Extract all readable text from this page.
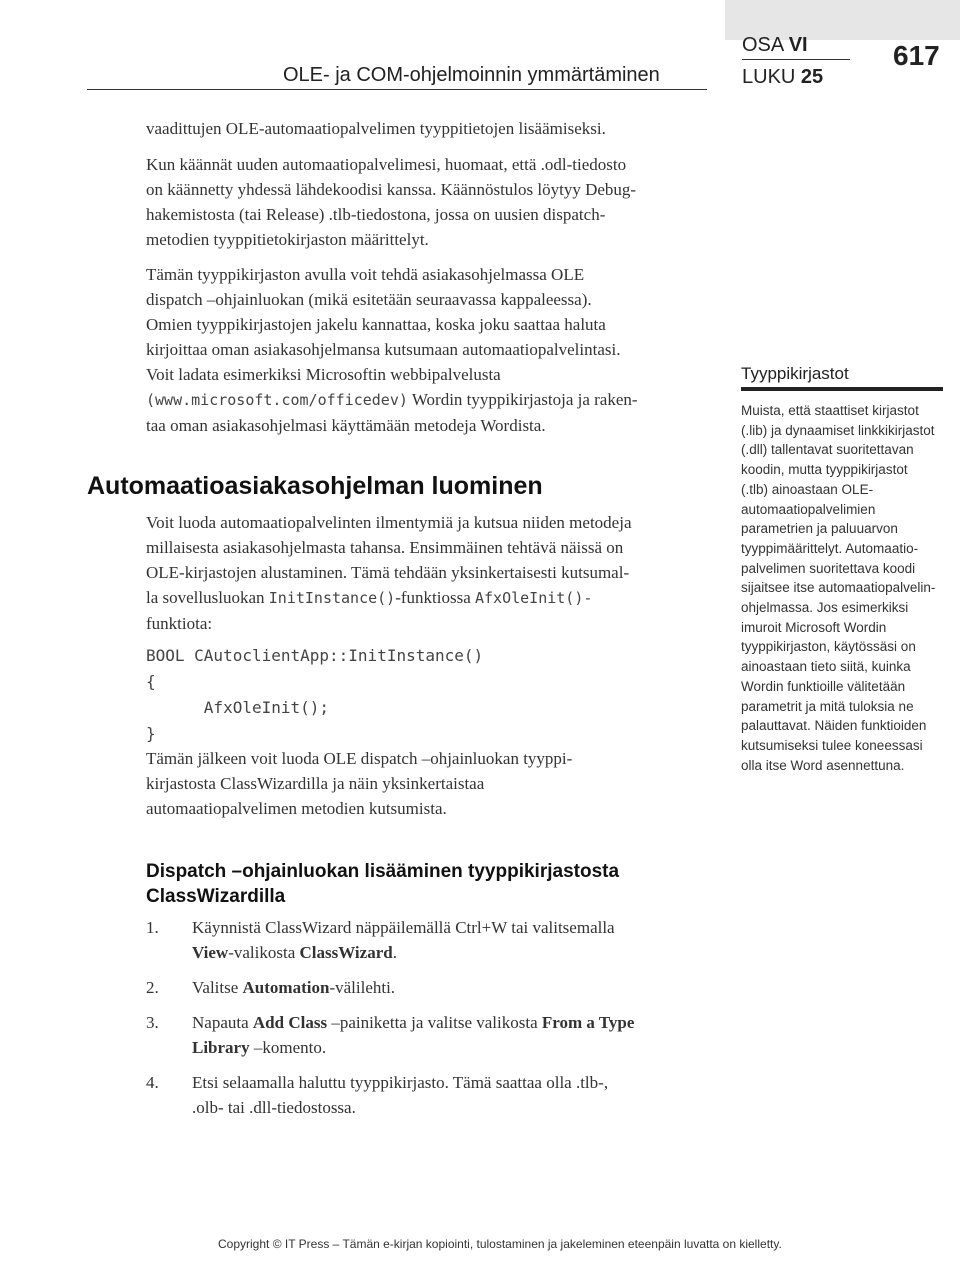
OLE- ja COM-ohjelmoinnin ymmärtäminen
OSA VI
LUKU 25
617
vaadittujen OLE-automaatiopalvelimen tyyppitietojen lisäämiseksi.
Kun käännät uuden automaatiopalvelimesi, huomaat, että .odl-tiedosto
on käännetty yhdessä lähdekoodisi kanssa. Käännöstulos löytyy Debug-
hakemistosta (tai Release) .tlb-tiedostona, jossa on uusien dispatch-
metodien tyyppitietokirjaston määrittelyt.
Tämän tyyppikirjaston avulla voit tehdä asiakasohjelmassa OLE
dispatch –ohjainluokan (mikä esitetään seuraavassa kappaleessa).
Omien tyyppikirjastojen jakelu kannattaa, koska joku saattaa haluta
kirjoittaa oman asiakasohjelmansa kutsumaan automaatiopalvelintasi.
Voit ladata esimerkiksi Microsoftin webbipalvelusta
(www.microsoft.com/officedev) Wordin tyyppikirjastoja ja raken-
taa oman asiakasohjelmasi käyttämään metodeja Wordista.
Automaatioasiakasohjelman luominen
Voit luoda automaatiopalvelinten ilmentymiä ja kutsua niiden metodeja
millaisesta asiakasohjelmasta tahansa. Ensimmäinen tehtävä näissä on
OLE-kirjastojen alustaminen. Tämä tehdään yksinkertaisesti kutsumal-
la sovellusluokan InitInstance()-funktiossa AfxOleInit()-
funktiota:
BOOL CAutoclientApp::InitInstance()
{
AfxOleInit();
}
Tämän jälkeen voit luoda OLE dispatch –ohjainluokan tyyppi-
kirjastosta ClassWizardilla ja näin yksinkertaistaa
automaatiopalvelimen metodien kutsumista.
Dispatch –ohjainluokan lisääminen tyyppikirjastosta
ClassWizardilla
1. Käynnistä ClassWizard näppäilemällä Ctrl+W tai valitsemalla
View-valikosta ClassWizard.
2. Valitse Automation-välilehti.
3. Napauta Add Class –painiketta ja valitse valikosta From a Type
Library –komento.
4. Etsi selaamalla haluttu tyyppikirjasto. Tämä saattaa olla .tlb-,
.olb- tai .dll-tiedostossa.
Tyyppikirjastot
Muista, että staattiset kirjastot
(.lib) ja dynaamiset linkkikirjastot
(.dll) tallentavat suoritettavan
koodin, mutta tyyppikirjastot
(.tlb) ainoastaan OLE-
automaatiopalvelimien
parametrien ja paluuarvon
tyyppimäärittelyt. Automaatio-
palvelimen suoritettava koodi
sijaitsee itse automaatiopalvelin-
ohjelmassa. Jos esimerkiksi
imuroit Microsoft Wordin
tyyppikirjaston, käytössäsi on
ainoastaan tieto siitä, kuinka
Wordin funktioille välitetään
parametrit ja mitä tuloksia ne
palauttavat. Näiden funktioiden
kutsumiseksi tulee koneessasi
olla itse Word asennettuna.
Copyright © IT Press – Tämän e-kirjan kopiointi, tulostaminen ja jakeleminen eteenpäin luvatta on kielletty.
